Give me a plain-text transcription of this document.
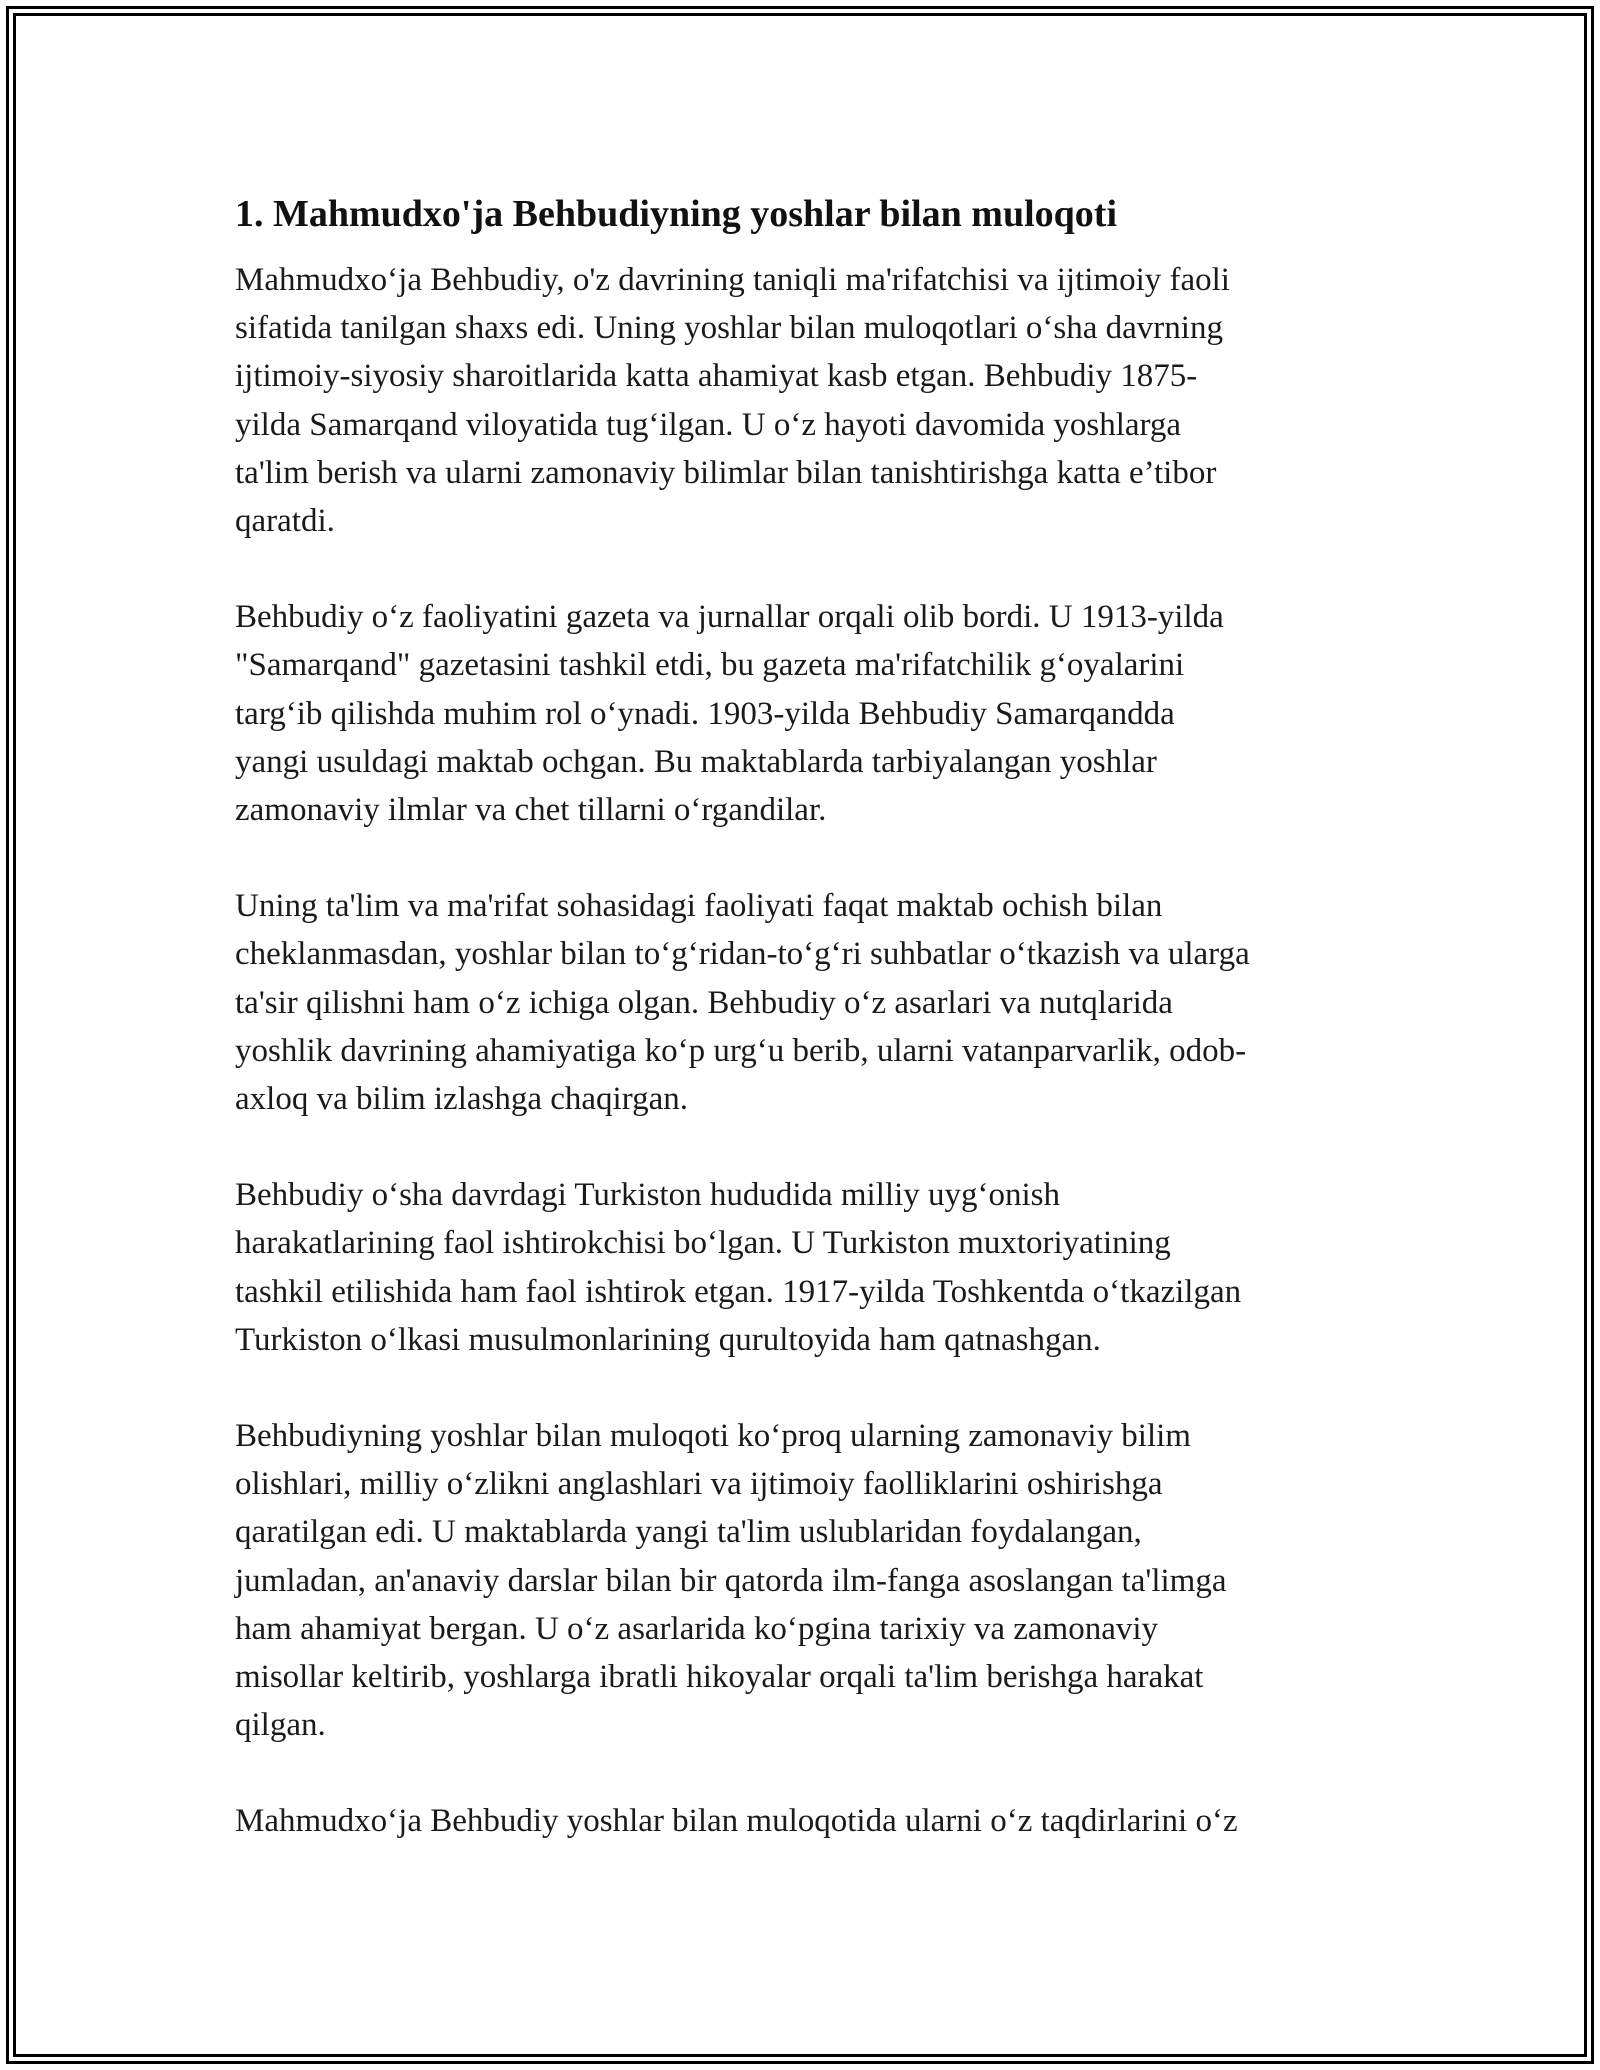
1. Mahmudxo'ja Behbudiyning yoshlar bilan muloqoti

Mahmudxo‘ja Behbudiy, o'z davrining taniqli ma'rifatchisi va ijtimoiy faoli
sifatida tanilgan shaxs edi. Uning yoshlar bilan muloqotlari o‘sha davrning
ijtimoiy-siyosiy sharoitlarida katta ahamiyat kasb etgan. Behbudiy 1875-
yilda Samarqand viloyatida tug‘ilgan. U o‘z hayoti davomida yoshlarga
ta'lim berish va ularni zamonaviy bilimlar bilan tanishtirishga katta e’tibor
qaratdi.

Behbudiy o‘z faoliyatini gazeta va jurnallar orqali olib bordi. U 1913-yilda
"Samarqand" gazetasini tashkil etdi, bu gazeta ma'rifatchilik g‘oyalarini
targ‘ib qilishda muhim rol o‘ynadi. 1903-yilda Behbudiy Samarqandda
yangi usuldagi maktab ochgan. Bu maktablarda tarbiyalangan yoshlar
zamonaviy ilmlar va chet tillarni o‘rgandilar.

Uning ta'lim va ma'rifat sohasidagi faoliyati faqat maktab ochish bilan
cheklanmasdan, yoshlar bilan to‘g‘ridan-to‘g‘ri suhbatlar o‘tkazish va ularga
ta'sir qilishni ham o‘z ichiga olgan. Behbudiy o‘z asarlari va nutqlarida
yoshlik davrining ahamiyatiga ko‘p urg‘u berib, ularni vatanparvarlik, odob-
axloq va bilim izlashga chaqirgan.

Behbudiy o‘sha davrdagi Turkiston hududida milliy uyg‘onish
harakatlarining faol ishtirokchisi bo‘lgan. U Turkiston muxtoriyatining
tashkil etilishida ham faol ishtirok etgan. 1917-yilda Toshkentda o‘tkazilgan
Turkiston o‘lkasi musulmonlarining qurultoyida ham qatnashgan.

Behbudiyning yoshlar bilan muloqoti ko‘proq ularning zamonaviy bilim
olishlari, milliy o‘zlikni anglashlari va ijtimoiy faolliklarini oshirishga
qaratilgan edi. U maktablarda yangi ta'lim uslublaridan foydalangan,
jumladan, an'anaviy darslar bilan bir qatorda ilm-fanga asoslangan ta'limga
ham ahamiyat bergan. U o‘z asarlarida ko‘pgina tarixiy va zamonaviy
misollar keltirib, yoshlarga ibratli hikoyalar orqali ta'lim berishga harakat
qilgan.

Mahmudxo‘ja Behbudiy yoshlar bilan muloqotida ularni o‘z taqdirlarini o‘z
